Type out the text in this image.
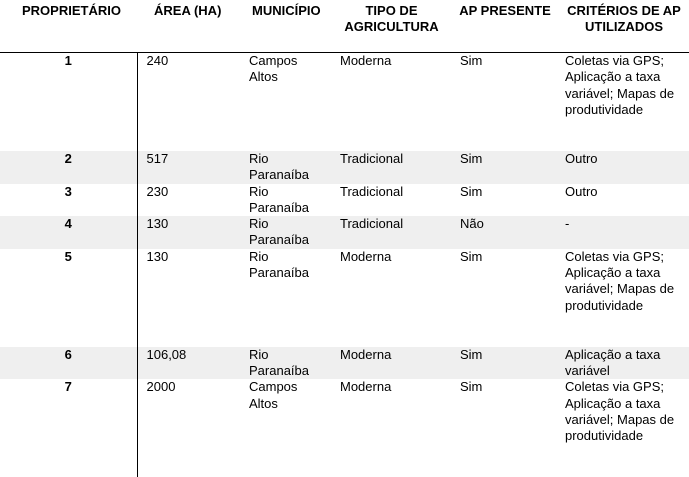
PROPRIETÁRIO	ÁREA (HA)	MUNICÍPIO	TIPO DE AGRICULTURA	AP PRESENTE	CRITÉRIOS DE AP UTILIZADOS
1	240	Campos Altos	Moderna	Sim	Coletas via GPS; Aplicação a taxa variável; Mapas de produtividade
2	517	Rio Paranaíba	Tradicional	Sim	Outro
3	230	Rio Paranaíba	Tradicional	Sim	Outro
4	130	Rio Paranaíba	Tradicional	Não	-
5	130	Rio Paranaíba	Moderna	Sim	Coletas via GPS; Aplicação a taxa variável; Mapas de produtividade
6	106,08	Rio Paranaíba	Moderna	Sim	Aplicação a taxa variável
7	2000	Campos Altos	Moderna	Sim	Coletas via GPS; Aplicação a taxa variável; Mapas de produtividade
